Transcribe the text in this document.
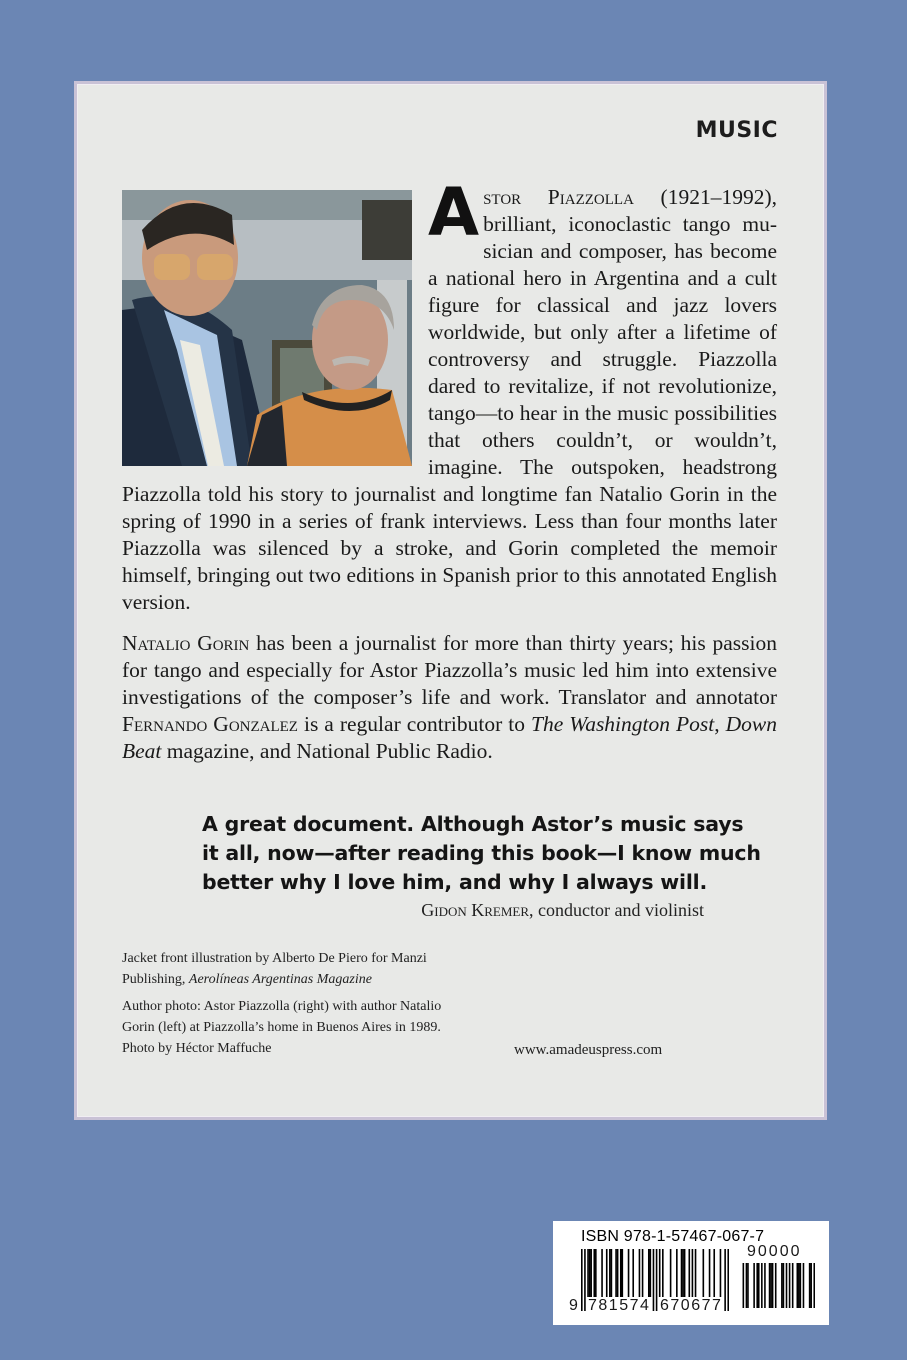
MUSIC

Astor Piazzolla (1921–1992), brilliant, iconoclastic tango musician and composer, has become a national hero in Argentina and a cult figure for classical and jazz lovers worldwide, but only after a lifetime of controversy and struggle. Piazzolla dared to revitalize, if not revolutionize, tango—to hear in the music possibilities that others couldn’t, or wouldn’t, imagine. The outspoken, headstrong Piazzolla told his story to journalist and longtime fan Natalio Gorin in the spring of 1990 in a series of frank interviews. Less than four months later Piazzolla was silenced by a stroke, and Gorin completed the memoir himself, bringing out two editions in Spanish prior to this annotated English version.

Natalio Gorin has been a journalist for more than thirty years; his passion for tango and especially for Astor Piazzolla’s music led him into extensive investigations of the composer’s life and work. Translator and annotator Fernando Gonzalez is a regular contributor to The Washington Post, Down Beat magazine, and National Public Radio.

A great document. Although Astor’s music says it all, now—after reading this book—I know much better why I love him, and why I always will.
Gidon Kremer, conductor and violinist

Jacket front illustration by Alberto De Piero for Manzi Publishing, Aerolíneas Argentinas Magazine

Author photo: Astor Piazzolla (right) with author Natalio Gorin (left) at Piazzolla’s home in Buenos Aires in 1989. Photo by Héctor Maffuche	www.amadeuspress.com
ISBN 978-1-57467-067-7
90000
9 781574 670677
